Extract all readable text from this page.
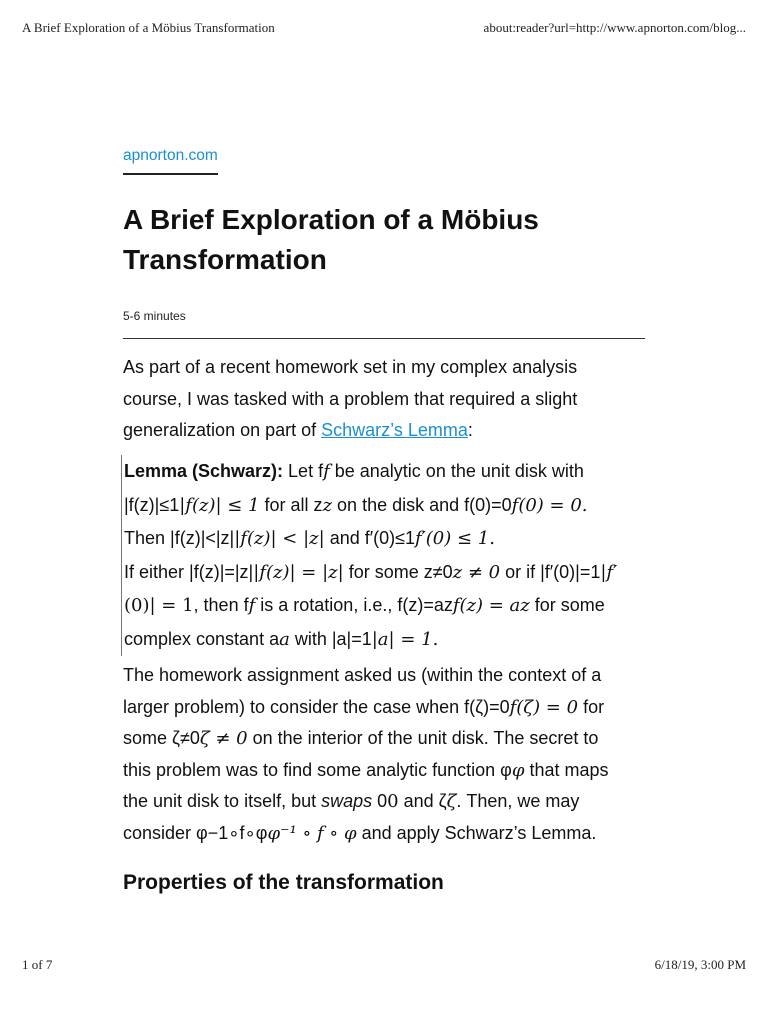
A Brief Exploration of a Möbius Transformation	about:reader?url=http://www.apnorton.com/blog...
apnorton.com
A Brief Exploration of a Möbius Transformation
5-6 minutes

As part of a recent homework set in my complex analysis
course, I was tasked with a problem that required a slight
generalization on part of Schwarz’s Lemma:

Lemma (Schwarz): Let ff be analytic on the unit disk with
|f(z)|≤1|f(z)| ≤ 1 for all zz on the disk and f(0)=0f(0) = 0.
Then |f(z)|<|z||f(z)| < |z| and f′(0)≤1f′(0) ≤ 1.
If either |f(z)|=|z||f(z)| = |z| for some z≠0z ≠ 0 or if |f′(0)|=1|f′
(0)| = 1, then ff is a rotation, i.e., f(z)=azf(z) = az for some
complex constant aa with |a|=1|a| = 1.

The homework assignment asked us (within the context of a
larger problem) to consider the case when f(ζ)=0f(ζ) = 0 for
some ζ≠0ζ ≠ 0 on the interior of the unit disk. The secret to
this problem was to find some analytic function φφ that maps
the unit disk to itself, but swaps 00 and ζζ. Then, we may
consider φ−1∘f∘φφ⁻¹ ∘ f ∘ φ and apply Schwarz’s Lemma.

Properties of the transformation
1 of 7	6/18/19, 3:00 PM
